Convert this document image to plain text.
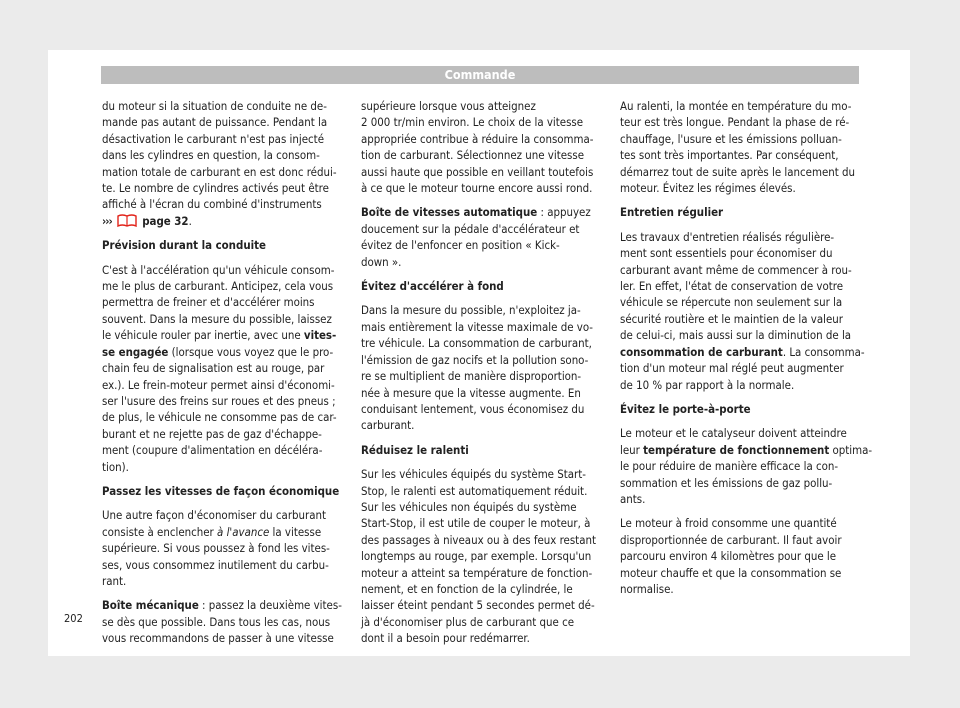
Commande

du moteur si la situation de conduite ne de-
mande pas autant de puissance. Pendant la
désactivation le carburant n'est pas injecté
dans les cylindres en question, la consom-
mation totale de carburant en est donc rédui-
te. Le nombre de cylindres activés peut être
affiché à l'écran du combiné d'instruments
›››	page 32.

Prévision durant la conduite

C'est à l'accélération qu'un véhicule consom-
me le plus de carburant. Anticipez, cela vous
permettra de freiner et d'accélérer moins
souvent. Dans la mesure du possible, laissez
le véhicule rouler par inertie, avec une vites-
se engagée (lorsque vous voyez que le pro-
chain feu de signalisation est au rouge, par
ex.). Le frein-moteur permet ainsi d'économi-
ser l'usure des freins sur roues et des pneus ;
de plus, le véhicule ne consomme pas de car-
burant et ne rejette pas de gaz d'échappe-
ment (coupure d'alimentation en décéléra-
tion).

Passez les vitesses de façon économique

Une autre façon d'économiser du carburant
consiste à enclencher à l'avance la vitesse
supérieure. Si vous poussez à fond les vites-
ses, vous consommez inutilement du carbu-
rant.

Boîte mécanique : passez la deuxième vites-
se dès que possible. Dans tous les cas, nous
vous recommandons de passer à une vitesse

supérieure lorsque vous atteignez
2 000 tr/min environ. Le choix de la vitesse
appropriée contribue à réduire la consomma-
tion de carburant. Sélectionnez une vitesse
aussi haute que possible en veillant toutefois
à ce que le moteur tourne encore aussi rond.

Boîte de vitesses automatique : appuyez
doucement sur la pédale d'accélérateur et
évitez de l'enfoncer en position « Kick-
down ».

Évitez d'accélérer à fond

Dans la mesure du possible, n'exploitez ja-
mais entièrement la vitesse maximale de vo-
tre véhicule. La consommation de carburant,
l'émission de gaz nocifs et la pollution sono-
re se multiplient de manière disproportion-
née à mesure que la vitesse augmente. En
conduisant lentement, vous économisez du
carburant.

Réduisez le ralenti

Sur les véhicules équipés du système Start-
Stop, le ralenti est automatiquement réduit.
Sur les véhicules non équipés du système
Start-Stop, il est utile de couper le moteur, à
des passages à niveaux ou à des feux restant
longtemps au rouge, par exemple. Lorsqu'un
moteur a atteint sa température de fonction-
nement, et en fonction de la cylindrée, le
laisser éteint pendant 5 secondes permet dé-
jà d'économiser plus de carburant que ce
dont il a besoin pour redémarrer.

Au ralenti, la montée en température du mo-
teur est très longue. Pendant la phase de ré-
chauffage, l'usure et les émissions polluan-
tes sont très importantes. Par conséquent,
démarrez tout de suite après le lancement du
moteur. Évitez les régimes élevés.

Entretien régulier

Les travaux d'entretien réalisés régulière-
ment sont essentiels pour économiser du
carburant avant même de commencer à rou-
ler. En effet, l'état de conservation de votre
véhicule se répercute non seulement sur la
sécurité routière et le maintien de la valeur
de celui-ci, mais aussi sur la diminution de la
consommation de carburant. La consomma-
tion d'un moteur mal réglé peut augmenter
de 10 % par rapport à la normale.

Évitez le porte-à-porte

Le moteur et le catalyseur doivent atteindre
leur température de fonctionnement optima-
le pour réduire de manière efficace la con-
sommation et les émissions de gaz pollu-
ants.

Le moteur à froid consomme une quantité
disproportionnée de carburant. Il faut avoir
parcouru environ 4 kilomètres pour que le
moteur chauffe et que la consommation se
normalise.

202
